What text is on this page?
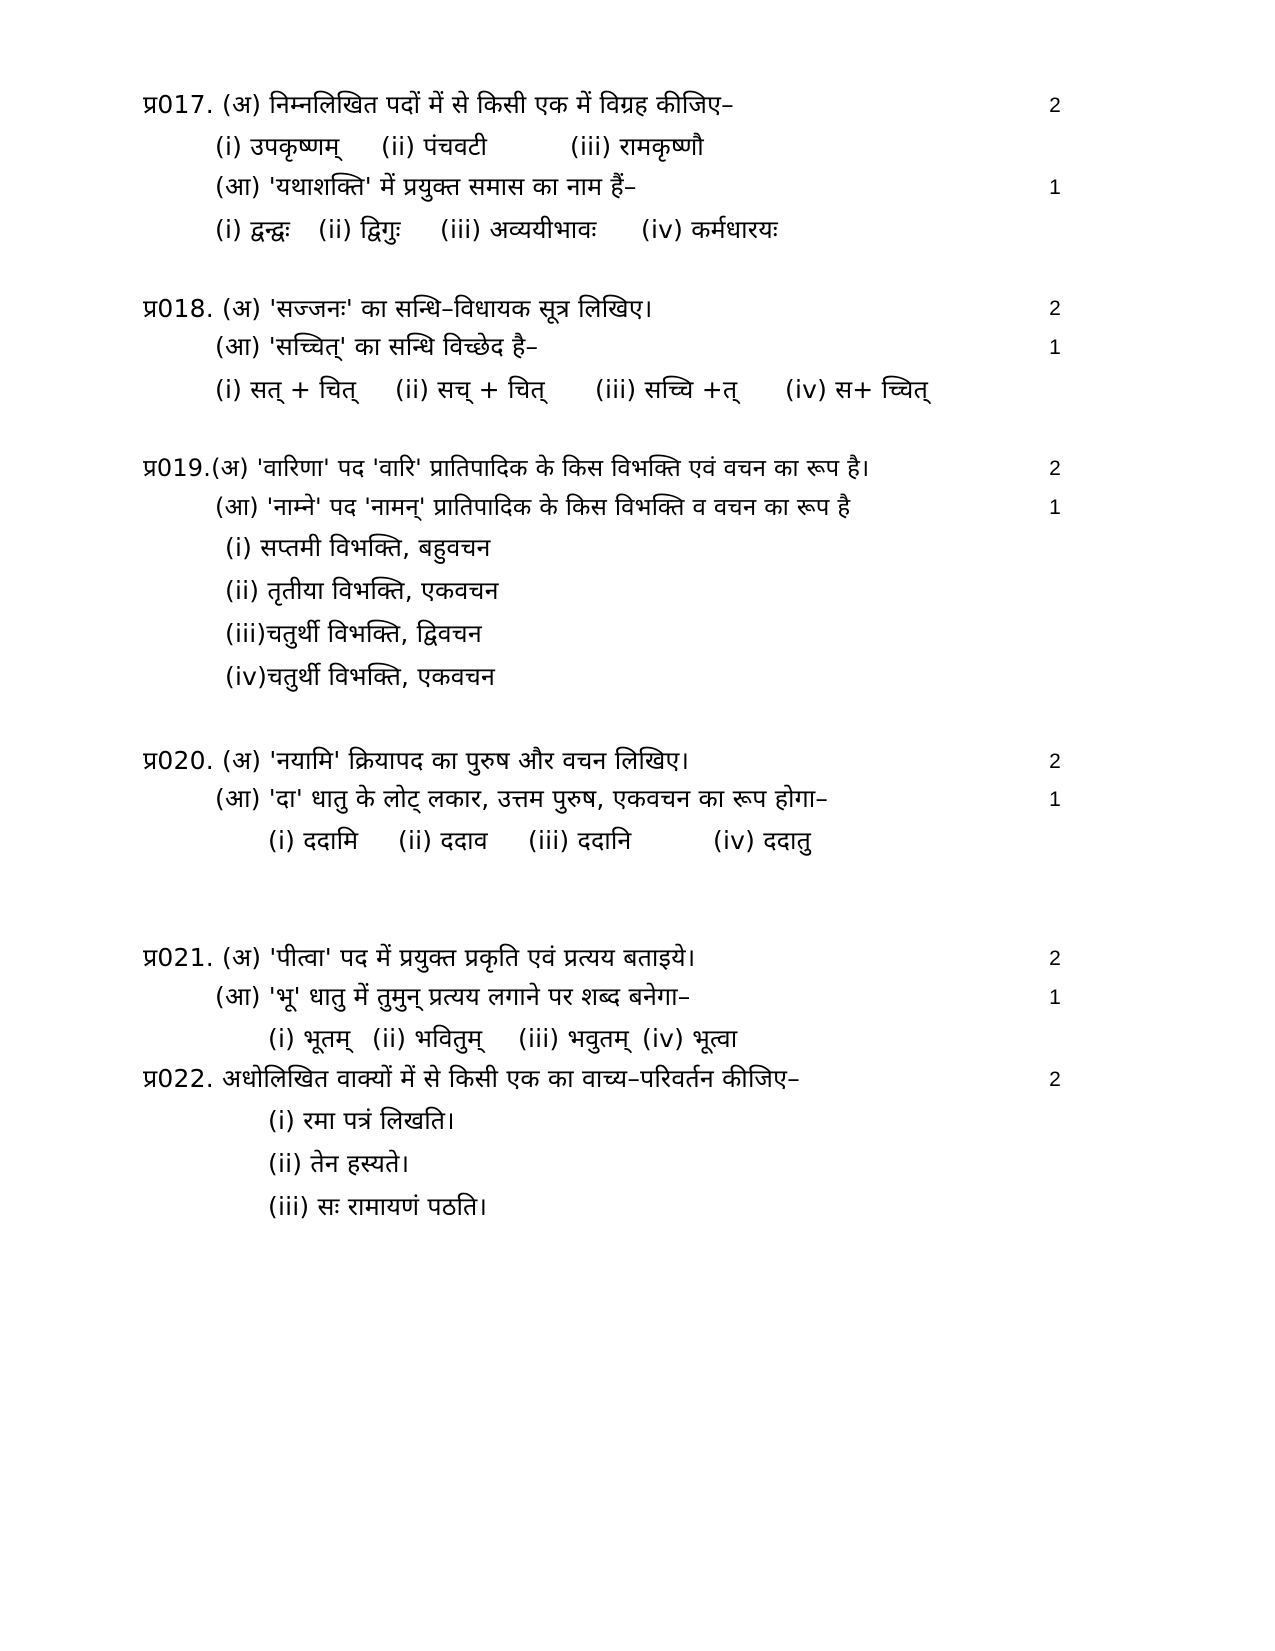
प्र017. (अ) निम्नलिखित पदों में से किसी एक में विग्रह कीजिए–	2
(i) उपकृष्णम् (ii) पंचवटी	(iii) रामकृष्णौ
(आ) 'यथाशक्ति' में प्रयुक्त समास का नाम हैं–	1
(i) द्वन्द्वः (ii) द्विगुः (iii) अव्ययीभावः (iv) कर्मधारयः
प्र018. (अ) 'सज्जनः' का सन्धि–विधायक सूत्र लिखिए।	2
(आ) 'सच्चित्' का सन्धि विच्छेद है–	1
(i) सत् + चित् (ii) सच् + चित् (iii) सच्चि +त् (iv) स+ च्चित्
प्र019.(अ) 'वारिणा' पद 'वारि' प्रातिपादिक के किस विभक्ति एवं वचन का रूप है।	2
(आ) 'नाम्ने' पद 'नामन्' प्रातिपादिक के किस विभक्ति व वचन का रूप है	1
(i) सप्तमी विभक्ति, बहुवचन
(ii) तृतीया विभक्ति, एकवचन
(iii)चतुर्थी विभक्ति, द्विवचन
(iv)चतुर्थी विभक्ति, एकवचन
प्र020. (अ) 'नयामि' क्रियापद का पुरुष और वचन लिखिए।	2
(आ) 'दा' धातु के लोट् लकार, उत्तम पुरुष, एकवचन का रूप होगा–	1
(i) ददामि (ii) ददाव (iii) ददानि	(iv) ददातु
प्र021. (अ) 'पीत्वा' पद में प्रयुक्त प्रकृति एवं प्रत्यय बताइये।	2
(आ) 'भू' धातु में तुमुन् प्रत्यय लगाने पर शब्द बनेगा–	1
(i) भूतम् (ii) भवितुम् (iii) भवुतम् (iv) भूत्वा
प्र022. अधोलिखित वाक्यों में से किसी एक का वाच्य–परिवर्तन कीजिए–	2
(i) रमा पत्रं लिखति।
(ii) तेन हस्यते।
(iii) सः रामायणं पठति।
